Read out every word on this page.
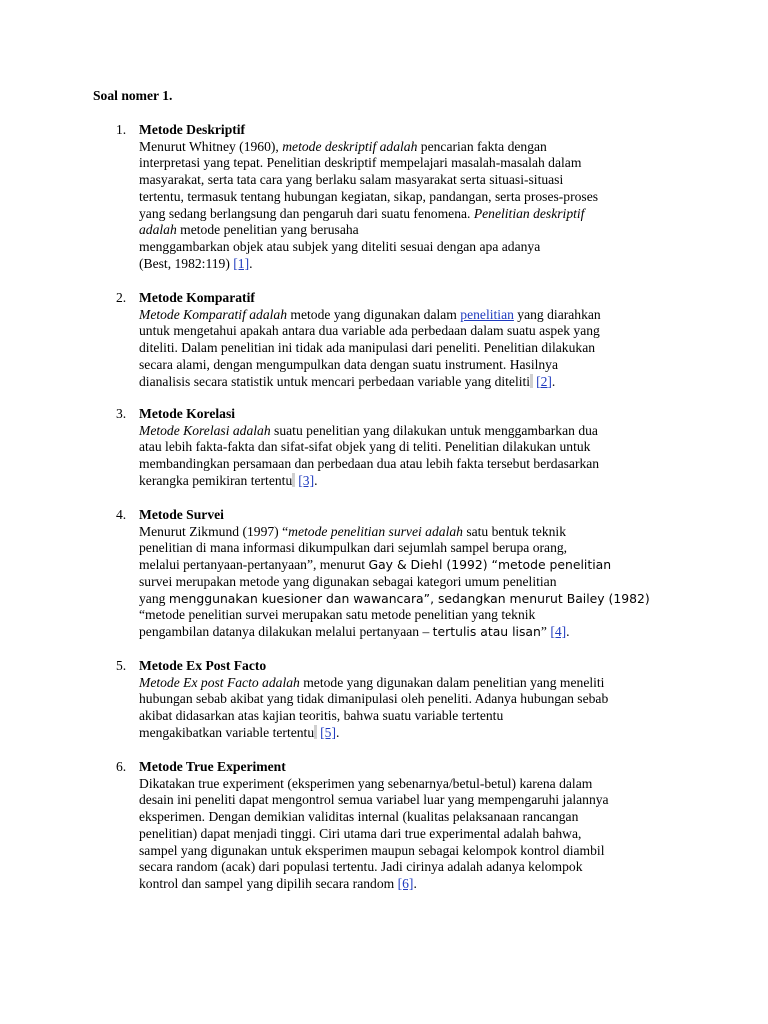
Soal nomer 1.
1. Metode Deskriptif
Menurut Whitney (1960), metode deskriptif adalah pencarian fakta dengan
interpretasi yang tepat. Penelitian deskriptif mempelajari masalah-masalah dalam
masyarakat, serta tata cara yang berlaku salam masyarakat serta situasi-situasi
tertentu, termasuk tentang hubungan kegiatan, sikap, pandangan, serta proses-proses
yang sedang berlangsung dan pengaruh dari suatu fenomena. Penelitian deskriptif
adalah metode penelitian yang berusaha
menggambarkan objek atau subjek yang diteliti sesuai dengan apa adanya
(Best, 1982:119) [1].
2. Metode Komparatif
Metode Komparatif adalah metode yang digunakan dalam penelitian yang diarahkan
untuk mengetahui apakah antara dua variable ada perbedaan dalam suatu aspek yang
diteliti. Dalam penelitian ini tidak ada manipulasi dari peneliti. Penelitian dilakukan
secara alami, dengan mengumpulkan data dengan suatu instrument. Hasilnya
dianalisis secara statistik untuk mencari perbedaan variable yang diteliti [2].
3. Metode Korelasi
Metode Korelasi adalah suatu penelitian yang dilakukan untuk menggambarkan dua
atau lebih fakta-fakta dan sifat-sifat objek yang di teliti. Penelitian dilakukan untuk
membandingkan persamaan dan perbedaan dua atau lebih fakta tersebut berdasarkan
kerangka pemikiran tertentu [3].
4. Metode Survei
Menurut Zikmund (1997) “metode penelitian survei adalah satu bentuk teknik
penelitian di mana informasi dikumpulkan dari sejumlah sampel berupa orang,
melalui pertanyaan-pertanyaan”, menurut Gay & Diehl (1992) “metode penelitian
survei merupakan metode yang digunakan sebagai kategori umum penelitian
yang menggunakan kuesioner dan wawancara”, sedangkan menurut Bailey (1982)
“metode penelitian survei merupakan satu metode penelitian yang teknik
pengambilan datanya dilakukan melalui pertanyaan – tertulis atau lisan” [4].
5. Metode Ex Post Facto
Metode Ex post Facto adalah metode yang digunakan dalam penelitian yang meneliti
hubungan sebab akibat yang tidak dimanipulasi oleh peneliti. Adanya hubungan sebab
akibat didasarkan atas kajian teoritis, bahwa suatu variable tertentu
mengakibatkan variable tertentu [5].
6. Metode True Experiment
Dikatakan true experiment (eksperimen yang sebenarnya/betul-betul) karena dalam
desain ini peneliti dapat mengontrol semua variabel luar yang mempengaruhi jalannya
eksperimen. Dengan demikian validitas internal (kualitas pelaksanaan rancangan
penelitian) dapat menjadi tinggi. Ciri utama dari true experimental adalah bahwa,
sampel yang digunakan untuk eksperimen maupun sebagai kelompok kontrol diambil
secara random (acak) dari populasi tertentu. Jadi cirinya adalah adanya kelompok
kontrol dan sampel yang dipilih secara random [6].
